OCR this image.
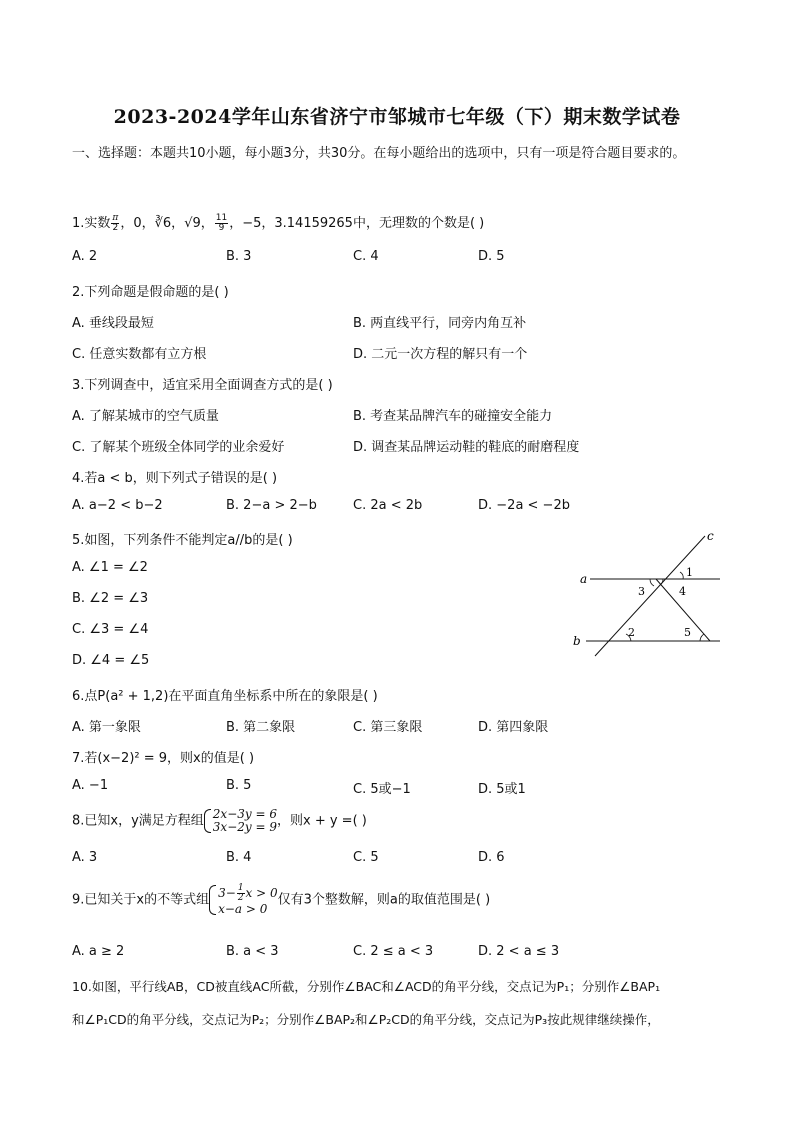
2023-2024学年山东省济宁市邹城市七年级（下）期末数学试卷
一、选择题：本题共10小题，每小题3分，共30分。在每小题给出的选项中，只有一项是符合题目要求的。
1.实数 $\frac{\pi}{2}$ ，0，∛6，√9， $\frac{11}{9}$ ，−5，3.14159265中，无理数的个数是( )
A. 2	B. 3	C. 4	D. 5
2.下列命题是假命题的是( )
A. 垂线段最短	B. 两直线平行，同旁内角互补
C. 任意实数都有立方根	D. 二元一次方程的解只有一个
3.下列调查中，适宜采用全面调查方式的是( )
A. 了解某城市的空气质量	B. 考查某品牌汽车的碰撞安全能力
C. 了解某个班级全体同学的业余爱好	D. 调查某品牌运动鞋的鞋底的耐磨程度
4.若a < b，则下列式子错误的是( )
A. a−2 < b−2	B. 2−a > 2−b	C. 2a < 2b	D. −2a < −2b
5.如图，下列条件不能判定a//b的是( )
A. ∠1 = ∠2
B. ∠2 = ∠3
C. ∠3 = ∠4
D. ∠4 = ∠5
a
b
c
1
3	4
2	5
6.点P(a² + 1,2)在平面直角坐标系中所在的象限是( )
A. 第一象限	B. 第二象限	C. 第三象限	D. 第四象限
7.若(x−2)² = 9，则x的值是( )
A. −1	B. 5	C. 5或−1	D. 5或1
8.已知x，y满足方程组 2x−3y = 6
3x−2y = 9 ，则x + y =( )
A. 3	B. 4	C. 5	D. 6
9.已知关于x的不等式组 $3- \frac{1}{2}$ x > 0
x−a > 0
仅有3个整数解，则a的取值范围是( )
A. a ≥ 2	B. a < 3	C. 2 ≤ a < 3	D. 2 < a ≤ 3
10.如图，平行线AB，CD被直线AC所截，分别作∠BAC和∠ACD的角平分线，交点记为P₁；分别作∠BAP₁
和∠P₁CD的角平分线，交点记为P₂；分别作∠BAP₂和∠P₂CD的角平分线，交点记为P₃按此规律继续操作，
